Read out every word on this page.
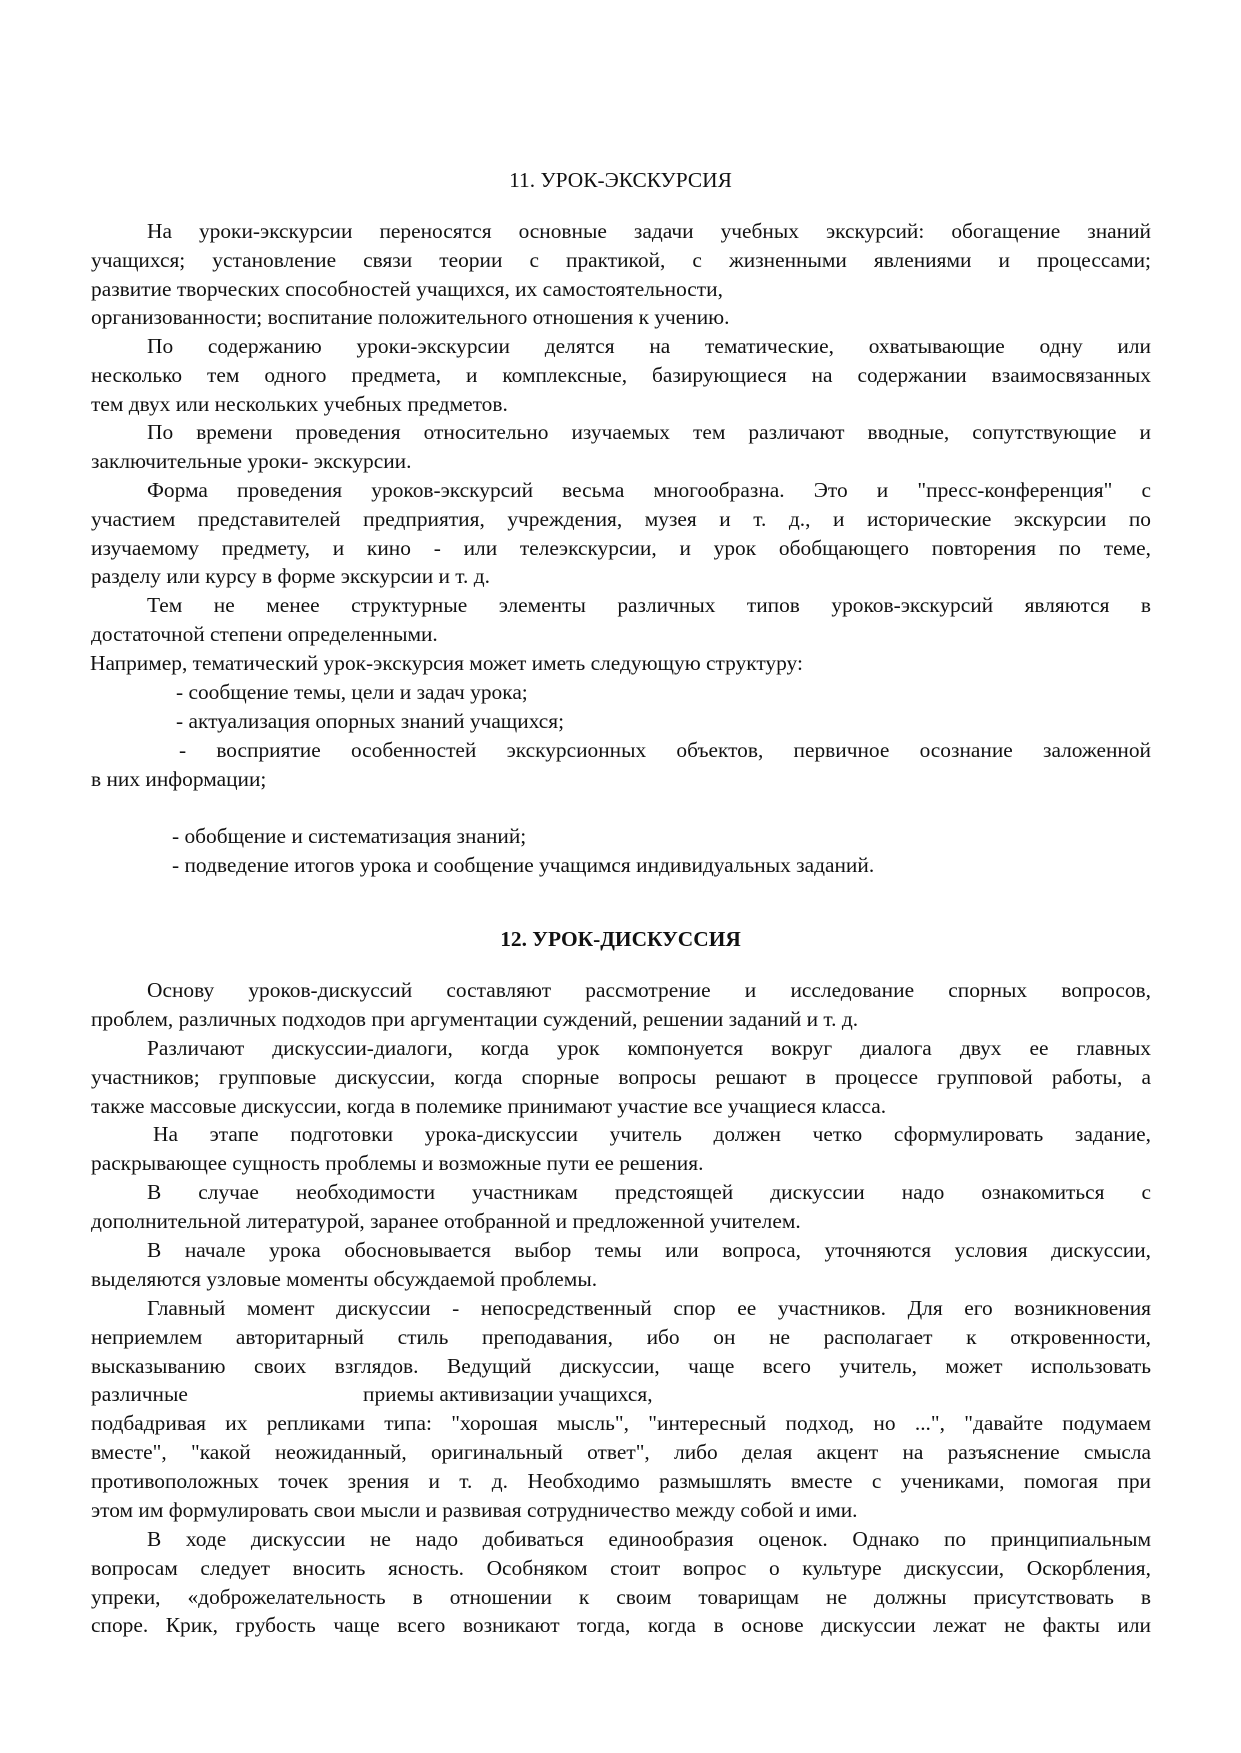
11. УРОК-ЭКСКУРСИЯ
На уроки-экскурсии переносятся основные задачи учебных экскурсий: обогащение знаний
учащихся; установление связи теории с практикой, с жизненными явлениями и процессами;
развитие творческих способностей учащихся, их самостоятельности,
организованности; воспитание положительного отношения к учению.
По содержанию уроки-экскурсии делятся на тематические, охватывающие одну или
несколько тем одного предмета, и комплексные, базирующиеся на содержании взаимосвязанных
тем двух или нескольких учебных предметов.
По времени проведения относительно изучаемых тем различают вводные, сопутствующие и
заключительные уроки- экскурсии.
Форма проведения уроков-экскурсий весьма многообразна. Это и "пресс-конференция" с
участием представителей предприятия, учреждения, музея и т. д., и исторические экскурсии по
изучаемому предмету, и кино - или телеэкскурсии, и урок обобщающего повторения по теме,
разделу или курсу в форме экскурсии и т. д.
Тем не менее структурные элементы различных типов уроков-экскурсий являются в
достаточной степени определенными.
Например, тематический урок-экскурсия может иметь следующую структуру:
- сообщение темы, цели и задач урока;
- актуализация опорных знаний учащихся;
- восприятие особенностей экскурсионных объектов, первичное осознание заложенной
в них информации;
- обобщение и систематизация знаний;
- подведение итогов урока и сообщение учащимся индивидуальных заданий.
12. УРОК-ДИСКУССИЯ
Основу уроков-дискуссий составляют рассмотрение и исследование спорных вопросов,
проблем, различных подходов при аргументации суждений, решении заданий и т. д.
Различают дискуссии-диалоги, когда урок компонуется вокруг диалога двух ее главных
участников; групповые дискуссии, когда спорные вопросы решают в процессе групповой работы, а
также массовые дискуссии, когда в полемике принимают участие все учащиеся класса.
На этапе подготовки урока-дискуссии учитель должен четко сформулировать задание,
раскрывающее сущность проблемы и возможные пути ее решения.
В случае необходимости участникам предстоящей дискуссии надо ознакомиться с
дополнительной литературой, заранее отобранной и предложенной учителем.
В начале урока обосновывается выбор темы или вопроса, уточняются условия дискуссии,
выделяются узловые моменты обсуждаемой проблемы.
Главный момент дискуссии - непосредственный спор ее участников. Для его возникновения
неприемлем авторитарный стиль преподавания, ибо он не располагает к откровенности,
высказыванию своих взглядов. Ведущий дискуссии, чаще всего учитель, может использовать
различные	приемы активизации учащихся,
подбадривая их репликами типа: "хорошая мысль", "интересный подход, но ...", "давайте подумаем
вместе", "какой неожиданный, оригинальный ответ", либо делая акцент на разъяснение смысла
противоположных точек зрения и т. д. Необходимо размышлять вместе с учениками, помогая при
этом им формулировать свои мысли и развивая сотрудничество между собой и ими.
В ходе дискуссии не надо добиваться единообразия оценок. Однако по принципиальным
вопросам следует вносить ясность. Особняком стоит вопрос о культуре дискуссии, Оскорбления,
упреки, «доброжелательность в отношении к своим товарищам не должны присутствовать в
споре. Крик, грубость чаще всего возникают тогда, когда в основе дискуссии лежат не факты или
